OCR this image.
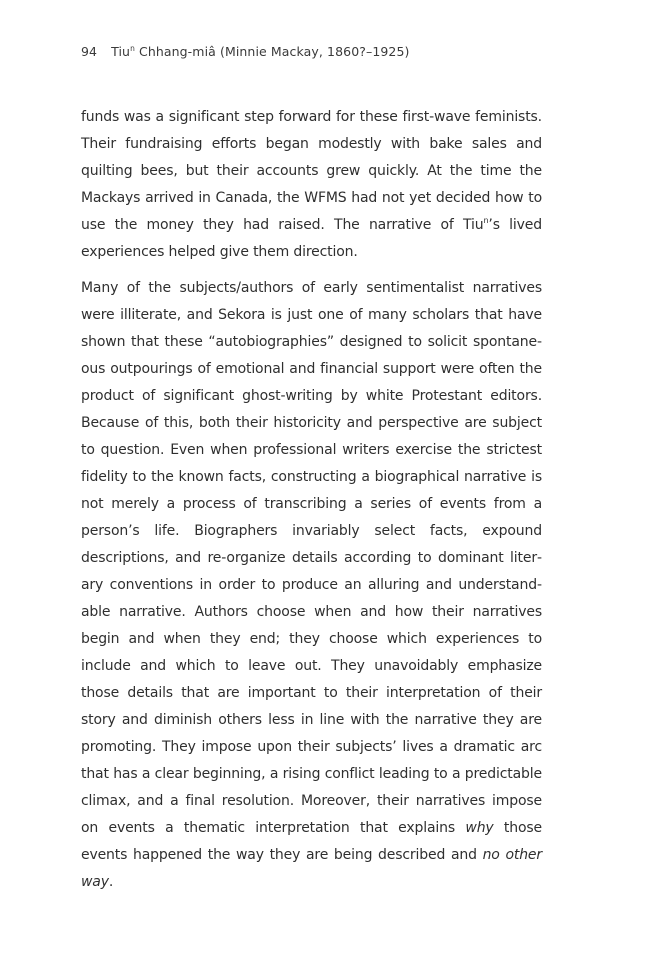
94 Tiu$^n$ Chhang-miâ (Minnie Mackay, 1860?–1925)

funds was a significant step forward for these first-wave feminists. Their fundraising efforts began modestly with bake sales and quilting bees, but their accounts grew quickly. At the time the Mackays arrived in Canada, the WFMS had not yet decided how to use the money they had raised. The narrative of Tiu$^n$’s lived experiences helped give them direction.

Many of the subjects/authors of early sentimentalist narratives were illiterate, and Sekora is just one of many scholars that have shown that these “autobiographies” designed to solicit spontaneous outpourings of emotional and financial support were often the product of significant ghost-writing by white Protestant editors. Because of this, both their historicity and perspective are subject to question. Even when professional writers exercise the strictest fidelity to the known facts, constructing a biographical narrative is not merely a process of transcribing a series of events from a person’s life. Biographers invariably select facts, expound descriptions, and re-organize details according to dominant literary conventions in order to produce an alluring and understandable narrative. Authors choose when and how their narratives begin and when they end; they choose which experiences to include and which to leave out. They unavoidably emphasize those details that are important to their interpretation of their story and diminish others less in line with the narrative they are promoting. They impose upon their subjects’ lives a dramatic arc that has a clear beginning, a rising conflict leading to a predictable climax, and a final resolution. Moreover, their narratives impose on events a thematic interpretation that explains why those events happened the way they are being described and no other way.
